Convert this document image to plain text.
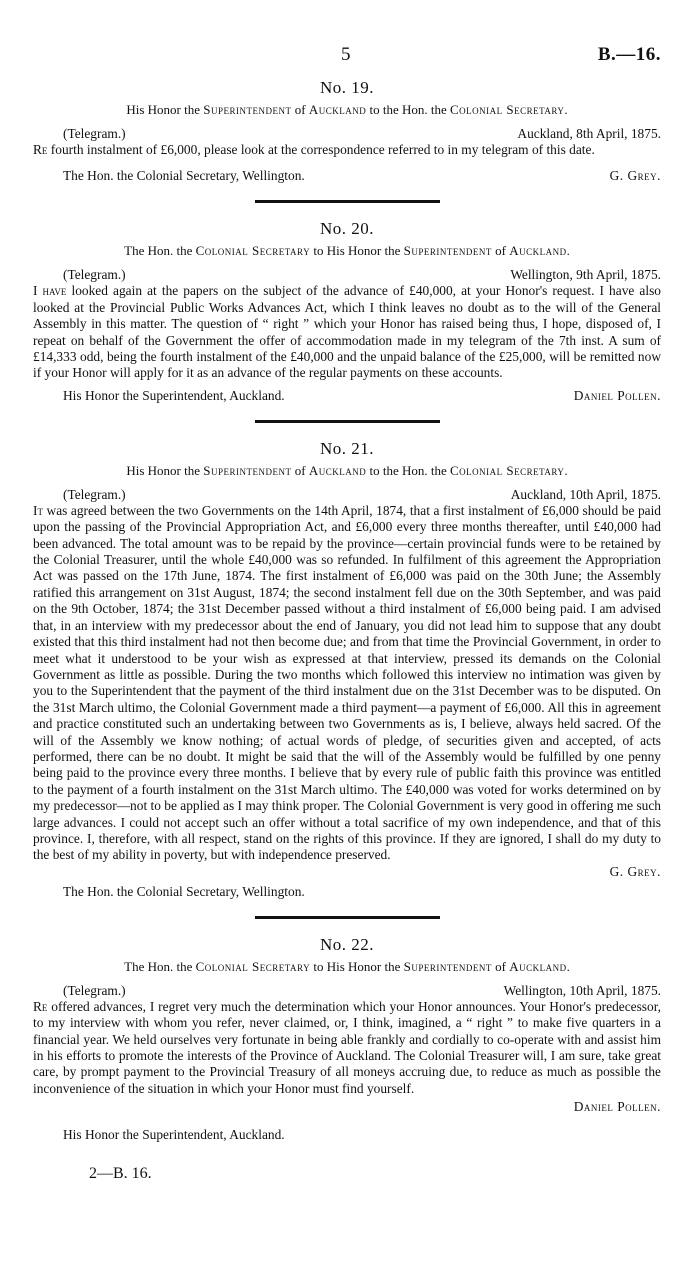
5	B.—16.
No. 19.
His Honor the Superintendent of Auckland to the Hon. the Colonial Secretary.
(Telegram.)	Auckland, 8th April, 1875.

Re fourth instalment of £6,000, please look at the correspondence referred to in my telegram of this date.

The Hon. the Colonial Secretary, Wellington.	G. Grey.
No. 20.
The Hon. the Colonial Secretary to His Honor the Superintendent of Auckland.
(Telegram.)	Wellington, 9th April, 1875.

I have looked again at the papers on the subject of the advance of £40,000, at your Honor's request. I have also looked at the Provincial Public Works Advances Act, which I think leaves no doubt as to the will of the General Assembly in this matter. The question of “ right ” which your Honor has raised being thus, I hope, disposed of, I repeat on behalf of the Government the offer of accommodation made in my telegram of the 7th inst. A sum of £14,333 odd, being the fourth instalment of the £40,000 and the unpaid balance of the £25,000, will be remitted now if your Honor will apply for it as an advance of the regular payments on these accounts.

His Honor the Superintendent, Auckland.	Daniel Pollen.
No. 21.
His Honor the Superintendent of Auckland to the Hon. the Colonial Secretary.
(Telegram.)	Auckland, 10th April, 1875.

It was agreed between the two Governments on the 14th April, 1874, that a first instalment of £6,000 should be paid upon the passing of the Provincial Appropriation Act, and £6,000 every three months thereafter, until £40,000 had been advanced. The total amount was to be repaid by the province—certain provincial funds were to be retained by the Colonial Treasurer, until the whole £40,000 was so refunded. In fulfilment of this agreement the Appropriation Act was passed on the 17th June, 1874. The first instalment of £6,000 was paid on the 30th June; the Assembly ratified this arrangement on 31st August, 1874; the second instalment fell due on the 30th September, and was paid on the 9th October, 1874; the 31st December passed without a third instalment of £6,000 being paid. I am advised that, in an interview with my predecessor about the end of January, you did not lead him to suppose that any doubt existed that this third instalment had not then become due; and from that time the Provincial Government, in order to meet what it understood to be your wish as expressed at that interview, pressed its demands on the Colonial Government as little as possible. During the two months which followed this interview no intimation was given by you to the Superintendent that the payment of the third instalment due on the 31st December was to be disputed. On the 31st March ultimo, the Colonial Government made a third payment—a payment of £6,000. All this in agreement and practice constituted such an undertaking between two Governments as is, I believe, always held sacred. Of the will of the Assembly we know nothing; of actual words of pledge, of securities given and accepted, of acts performed, there can be no doubt. It might be said that the will of the Assembly would be fulfilled by one penny being paid to the province every three months. I believe that by every rule of public faith this province was entitled to the payment of a fourth instalment on the 31st March ultimo. The £40,000 was voted for works determined on by my predecessor—not to be applied as I may think proper. The Colonial Government is very good in offering me such large advances. I could not accept such an offer without a total sacrifice of my own independence, and that of this province. I, therefore, with all respect, stand on the rights of this province. If they are ignored, I shall do my duty to the best of my ability in poverty, but with independence preserved.

G. Grey.
The Hon. the Colonial Secretary, Wellington.
No. 22.
The Hon. the Colonial Secretary to His Honor the Superintendent of Auckland.
(Telegram.)	Wellington, 10th April, 1875.

Re offered advances, I regret very much the determination which your Honor announces. Your Honor's predecessor, to my interview with whom you refer, never claimed, or, I think, imagined, a “ right ” to make five quarters in a financial year. We held ourselves very fortunate in being able frankly and cordially to co-operate with and assist him in his efforts to promote the interests of the Province of Auckland. The Colonial Treasurer will, I am sure, take great care, by prompt payment to the Provincial Treasury of all moneys accruing due, to reduce as much as possible the inconvenience of the situation in which your Honor must find yourself.

Daniel Pollen.
His Honor the Superintendent, Auckland.
2—B. 16.
